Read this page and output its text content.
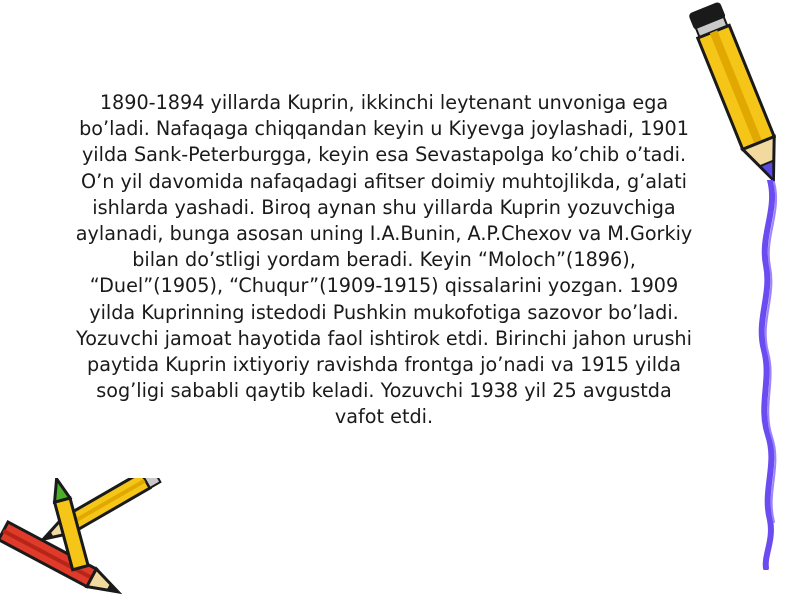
1890-1894 yillarda Kuprin, ikkinchi leytenant unvoniga ega bo’ladi. Nafaqaga chiqqandan keyin u Kiyevga joylashadi, 1901 yilda Sank-Peterburgga, keyin esa Sevastapolga ko’chib o’tadi. O’n yil davomida nafaqadagi afitser doimiy muhtojlikda, g’alati ishlarda yashadi. Biroq aynan shu yillarda Kuprin yozuvchiga aylanadi, bunga asosan uning I.A.Bunin, A.P.Chexov va M.Gorkiy bilan do’stligi yordam beradi. Keyin “Moloch”(1896), “Duel”(1905), “Chuqur”(1909-1915) qissalarini yozgan. 1909 yilda Kuprinning istedodi Pushkin mukofotiga sazovor bo’ladi. Yozuvchi jamoat hayotida faol ishtirok etdi. Birinchi jahon urushi paytida Kuprin ixtiyoriy ravishda frontga jo’nadi va 1915 yilda sog’ligi sababli qaytib keladi. Yozuvchi 1938 yil 25 avgustda vafot etdi.
